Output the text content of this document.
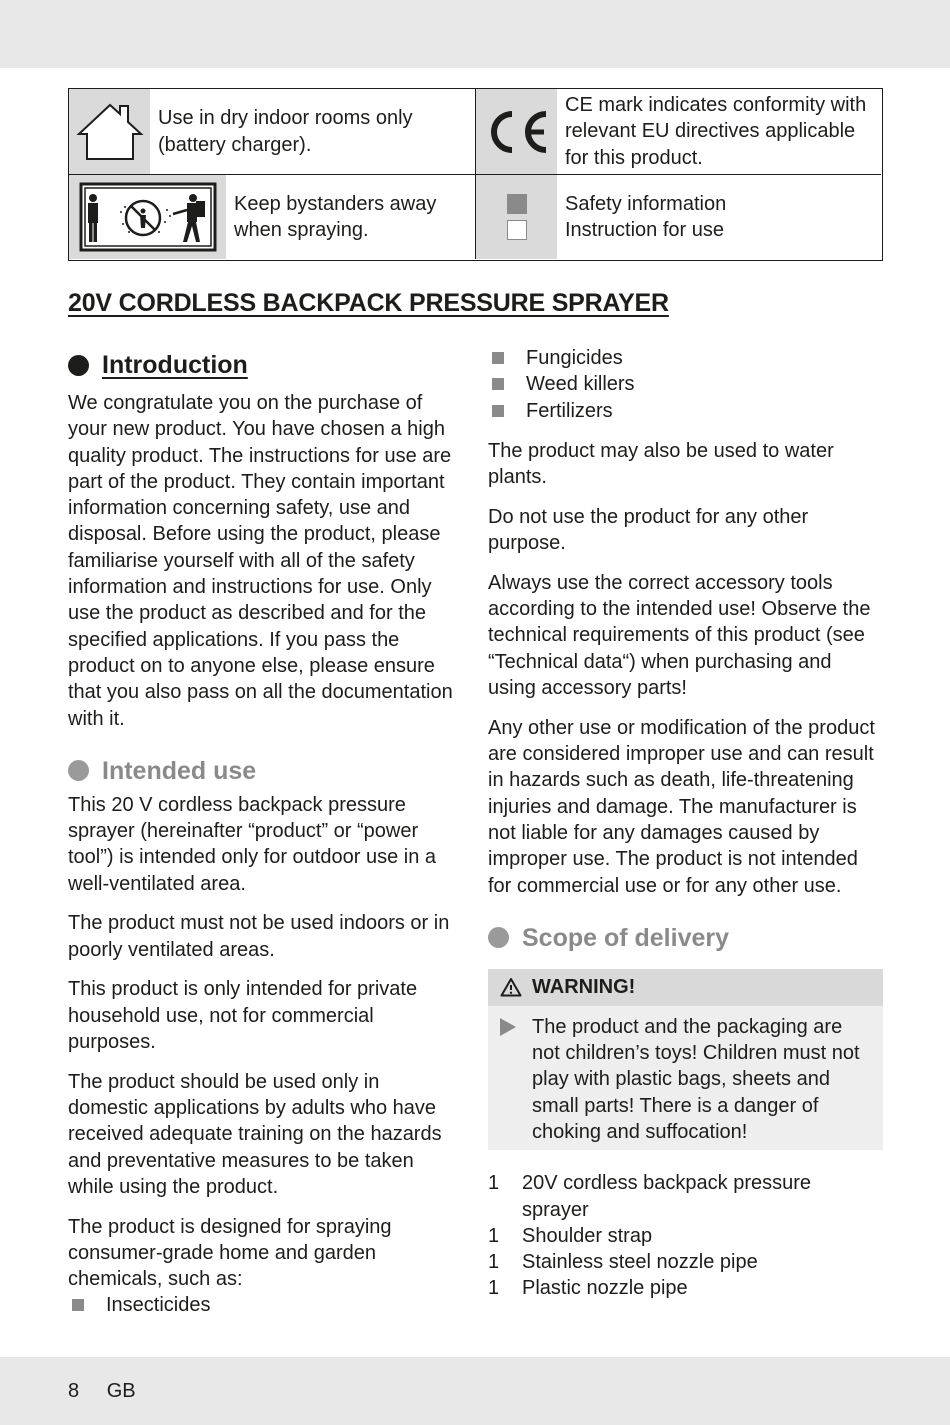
Use in dry indoor rooms only (battery charger).
CE mark indicates conformity with relevant EU directives applicable for this product.
Keep bystanders away when spraying.
Safety information
Instruction for use
20V CORDLESS BACKPACK PRESSURE SPRAYER
Introduction

We congratulate you on the purchase of your new product. You have chosen a high quality product. The instructions for use are part of the product. They contain important information concerning safety, use and disposal. Before using the product, please familiarise yourself with all of the safety information and instructions for use. Only use the product as described and for the specified applications. If you pass the product on to anyone else, please ensure that you also pass on all the documentation with it.

Intended use

This 20 V cordless backpack pressure sprayer (hereinafter “product” or “power tool”) is intended only for outdoor use in a well-ventilated area.

The product must not be used indoors or in poorly ventilated areas.

This product is only intended for private household use, not for commercial purposes.

The product should be used only in domestic applications by adults who have received adequate training on the hazards and preventative measures to be taken while using the product.

The product is designed for spraying consumer-grade home and garden chemicals, such as:

Insecticides
Fungicides
Weed killers
Fertilizers

The product may also be used to water plants.

Do not use the product for any other purpose.

Always use the correct accessory tools according to the intended use! Observe the technical requirements of this product (see “Technical data“) when purchasing and using accessory parts!

Any other use or modification of the product are considered improper use and can result in hazards such as death, life-threatening injuries and damage. The manufacturer is not liable for any damages caused by improper use. The product is not intended for commercial use or for any other use.

Scope of delivery
WARNING!
The product and the packaging are not children’s toys! Children must not play with plastic bags, sheets and small parts! There is a danger of choking and suffocation!
1	20V cordless backpack pressure sprayer
1	Shoulder strap
1	Stainless steel nozzle pipe
1	Plastic nozzle pipe
8 GB
